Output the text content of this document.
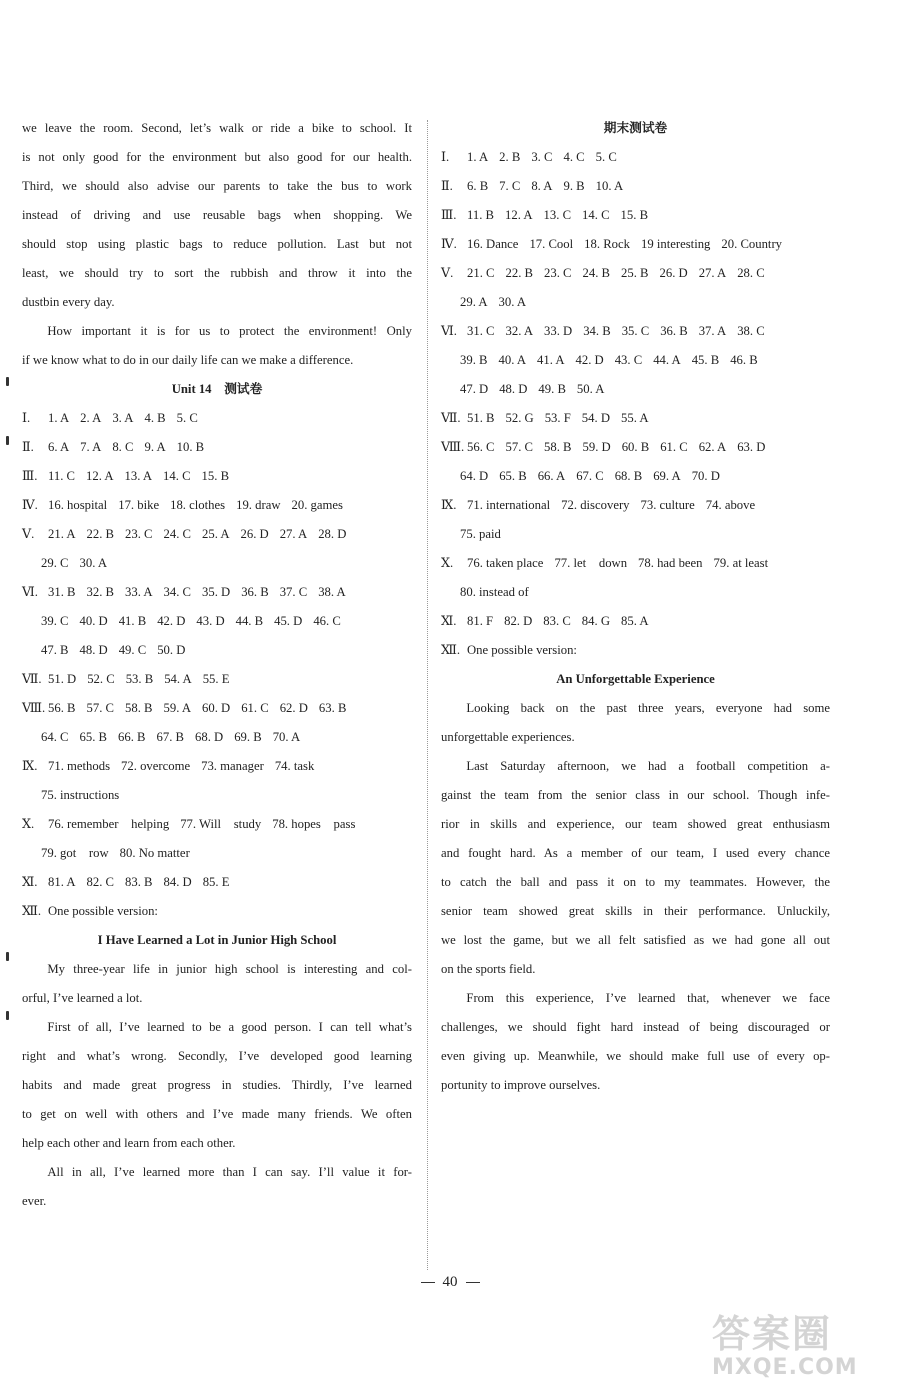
we leave the room. Second, let’s walk or ride a bike to school. It
is not only good for the environment but also good for our health.
Third, we should also advise our parents to take the bus to work
instead of driving and use reusable bags when shopping. We
should stop using plastic bags to reduce pollution. Last but not
least, we should try to sort the rubbish and throw it into the
dustbin every day.
How important it is for us to protect the environment! Only
if we know what to do in our daily life can we make a difference.
Unit 14　测试卷
Ⅰ. 1. A 2. A 3. A 4. B 5. C
Ⅱ. 6. A 7. A 8. C 9. A 10. B
Ⅲ. 11. C 12. A 13. A 14. C 15. B
Ⅳ. 16. hospital 17. bike 18. clothes 19. draw 20. games
Ⅴ. 21. A 22. B 23. C 24. C 25. A 26. D 27. A 28. D
29. C 30. A
Ⅵ. 31. B 32. B 33. A 34. C 35. D 36. B 37. C 38. A
39. C 40. D 41. B 42. D 43. D 44. B 45. D 46. C
47. B 48. D 49. C 50. D
Ⅶ. 51. D 52. C 53. B 54. A 55. E
Ⅷ. 56. B 57. C 58. B 59. A 60. D 61. C 62. D 63. B
64. C 65. B 66. B 67. B 68. D 69. B 70. A
Ⅸ. 71. methods 72. overcome 73. manager 74. task
75. instructions
Ⅹ. 76. remember　helping 77. Will　study 78. hopes　pass
79. got　row 80. No matter
Ⅺ. 81. A 82. C 83. B 84. D 85. E
Ⅻ. One possible version:
I Have Learned a Lot in Junior High School
My three-year life in junior high school is interesting and col-
orful, I’ve learned a lot.
First of all, I’ve learned to be a good person. I can tell what’s
right and what’s wrong. Secondly, I’ve developed good learning
habits and made great progress in studies. Thirdly, I’ve learned
to get on well with others and I’ve made many friends. We often
help each other and learn from each other.
All in all, I’ve learned more than I can say. I’ll value it for-
ever.
期末测试卷
Ⅰ. 1. A 2. B 3. C 4. C 5. C
Ⅱ. 6. B 7. C 8. A 9. B 10. A
Ⅲ. 11. B 12. A 13. C 14. C 15. B
Ⅳ. 16. Dance 17. Cool 18. Rock 19 interesting 20. Country
Ⅴ. 21. C 22. B 23. C 24. B 25. B 26. D 27. A 28. C
29. A 30. A
Ⅵ. 31. C 32. A 33. D 34. B 35. C 36. B 37. A 38. C
39. B 40. A 41. A 42. D 43. C 44. A 45. B 46. B
47. D 48. D 49. B 50. A
Ⅶ. 51. B 52. G 53. F 54. D 55. A
Ⅷ. 56. C 57. C 58. B 59. D 60. B 61. C 62. A 63. D
64. D 65. B 66. A 67. C 68. B 69. A 70. D
Ⅸ. 71. international 72. discovery 73. culture 74. above
75. paid
Ⅹ. 76. taken place 77. let　down 78. had been 79. at least
80. instead of
Ⅺ. 81. F 82. D 83. C 84. G 85. A
Ⅻ. One possible version:
An Unforgettable Experience
Looking back on the past three years, everyone had some
unforgettable experiences.
Last Saturday afternoon, we had a football competition a-
gainst the team from the senior class in our school. Though infe-
rior in skills and experience, our team showed great enthusiasm
and fought hard. As a member of our team, I used every chance
to catch the ball and pass it on to my teammates. However, the
senior team showed great skills in their performance. Unluckily,
we lost the game, but we all felt satisfied as we had gone all out
on the sports field.
From this experience, I’ve learned that, whenever we face
challenges, we should fight hard instead of being discouraged or
even giving up. Meanwhile, we should make full use of every op-
portunity to improve ourselves.
40
答案圈
MXQE.COM
